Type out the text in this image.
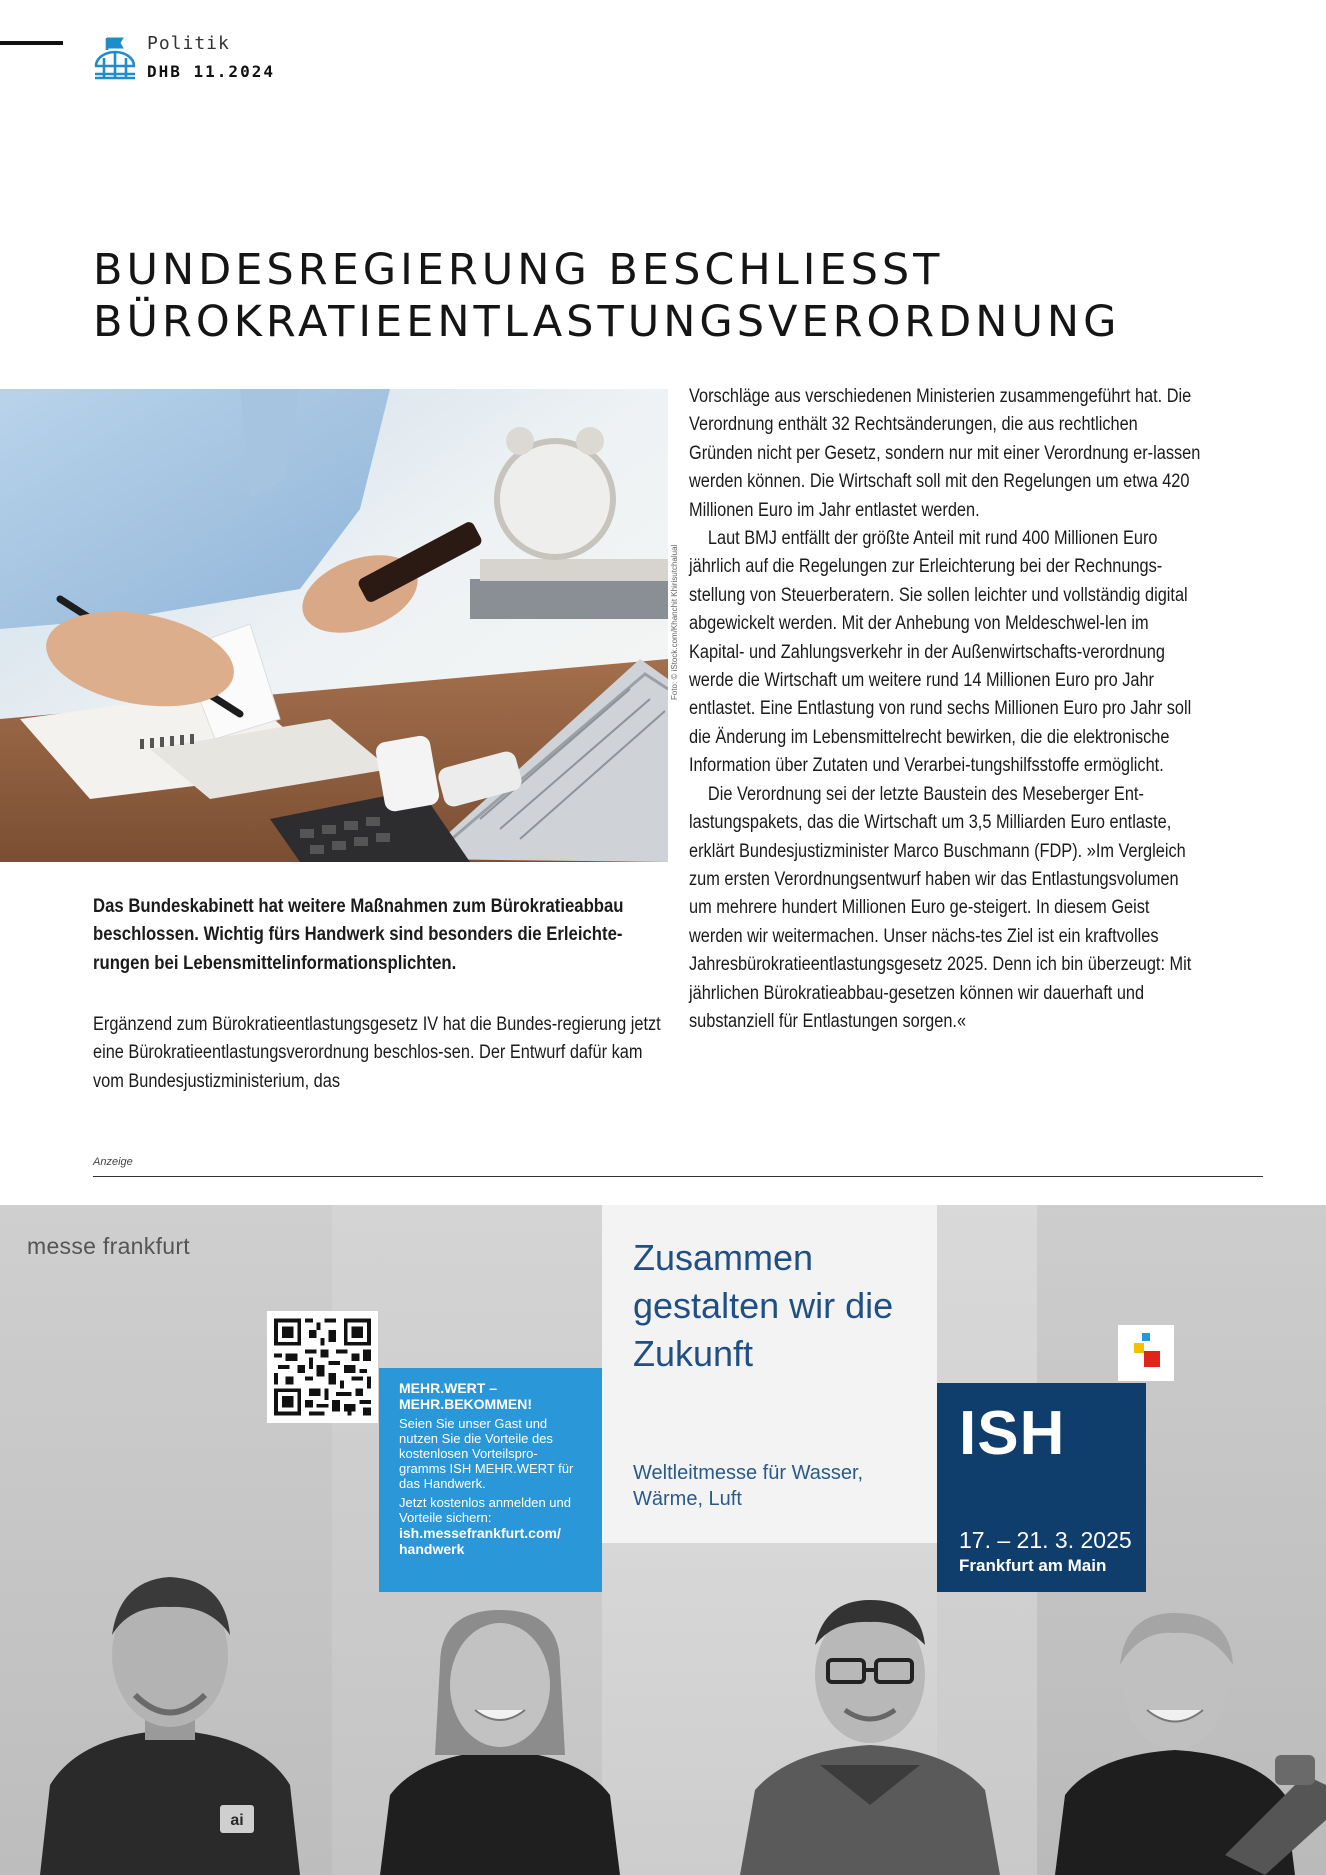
Politik
DHB 11.2024
BUNDESREGIERUNG BESCHLIESST
BÜROKRATIEENTLASTUNGSVERORDNUNG
Foto: © iStock.com/Khanchit Khirisutchalual

Das Bundeskabinett hat weitere Maßnahmen zum Bürokratieabbau beschlossen. Wichtig fürs Handwerk sind besonders die Erleichte-rungen bei Lebensmittelinformationsplichten.

Ergänzend zum Bürokratieentlastungsgesetz IV hat die Bundes-regierung jetzt eine Bürokratieentlastungsverordnung beschlos-sen. Der Entwurf dafür kam vom Bundesjustizministerium, das

Vorschläge aus verschiedenen Ministerien zusammengeführt hat. Die Verordnung enthält 32 Rechtsänderungen, die aus rechtlichen Gründen nicht per Gesetz, sondern nur mit einer Verordnung er-lassen werden können. Die Wirtschaft soll mit den Regelungen um etwa 420 Millionen Euro im Jahr entlastet werden.

Laut BMJ entfällt der größte Anteil mit rund 400 Millionen Euro jährlich auf die Regelungen zur Erleichterung bei der Rechnungs-stellung von Steuerberatern. Sie sollen leichter und vollständig digital abgewickelt werden. Mit der Anhebung von Meldeschwel-len im Kapital- und Zahlungsverkehr in der Außenwirtschafts-verordnung werde die Wirtschaft um weitere rund 14 Millionen Euro pro Jahr entlastet. Eine Entlastung von rund sechs Millionen Euro pro Jahr soll die Änderung im Lebensmittelrecht bewirken, die die elektronische Information über Zutaten und Verarbei-tungshilfsstoffe ermöglicht.

Die Verordnung sei der letzte Baustein des Meseberger Ent-lastungspakets, das die Wirtschaft um 3,5 Milliarden Euro entlaste, erklärt Bundesjustizminister Marco Buschmann (FDP). »Im Vergleich zum ersten Verordnungsentwurf haben wir das Entlastungsvolumen um mehrere hundert Millionen Euro ge-steigert. In diesem Geist werden wir weitermachen. Unser nächs-tes Ziel ist ein kraftvolles Jahresbürokratieentlastungsgesetz 2025. Denn ich bin überzeugt: Mit jährlichen Bürokratieabbau-gesetzen können wir dauerhaft und substanziell für Entlastungen sorgen.«

Anzeige
ai
messe frankfurt
MEHR.WERT – MEHR.BEKOMMEN!
Seien Sie unser Gast und nutzen Sie die Vorteile des kostenlosen Vorteilspro-gramms ISH MEHR.WERT für das Handwerk.
Jetzt kostenlos anmelden und Vorteile sichern:
ish.messefrankfurt.com/ handwerk
Zusammen gestalten wir die Zukunft
Weltleitmesse für Wasser, Wärme, Luft
ISH
17. – 21. 3. 2025
Frankfurt am Main
